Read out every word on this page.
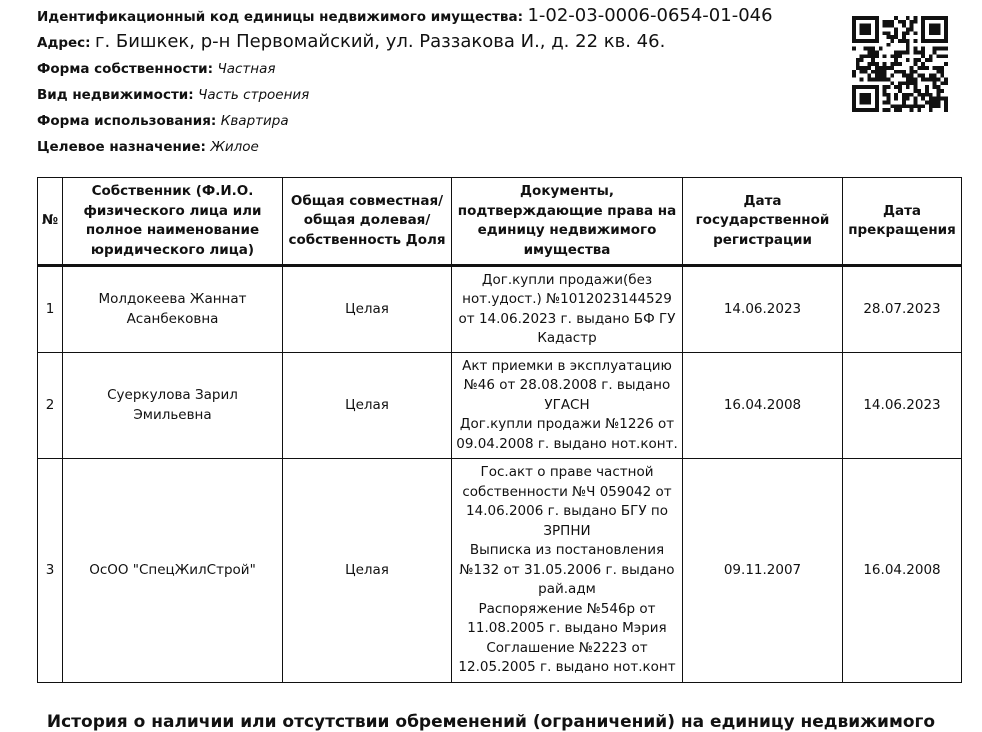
Идентификационный код единицы недвижимого имущества: 1-02-03-0006-0654-01-046
Адрес: г. Бишкек, р-н Первомайский, ул. Раззакова И., д. 22 кв. 46.
Форма собственности: Частная
Вид недвижимости: Часть строения
Форма использования: Квартира
Целевое назначение: Жилое
№	Собственник (Ф.И.О. физического лица или полное наименование юридического лица)	Общая совместная/ общая долевая/ собственность Доля	Документы, подтверждающие права на единицу недвижимого имущества	Дата государственной регистрации	Дата прекращения
1	Молдокеева Жаннат Асанбековна	Целая	Дог.купли продажи(без нот.удост.) №1012023144529 от 14.06.2023 г. выдано БФ ГУ Кадастр	14.06.2023	28.07.2023
2	Суеркулова Зарил Эмильевна	Целая	Акт приемки в эксплуатацию №46 от 28.08.2008 г. выдано УГАСН
Дог.купли продажи №1226 от 09.04.2008 г. выдано нот.конт.	16.04.2008	14.06.2023
3	ОсОО "СпецЖилСтрой"	Целая	Гос.акт о праве частной собственности №Ч 059042 от 14.06.2006 г. выдано БГУ по ЗРПНИ
Выписка из постановления №132 от 31.05.2006 г. выдано рай.адм
Распоряжение №546р от 11.08.2005 г. выдано Мэрия
Соглашение №2223 от 12.05.2005 г. выдано нот.конт	09.11.2007	16.04.2008
История о наличии или отсутствии обременений (ограничений) на единицу недвижимого
